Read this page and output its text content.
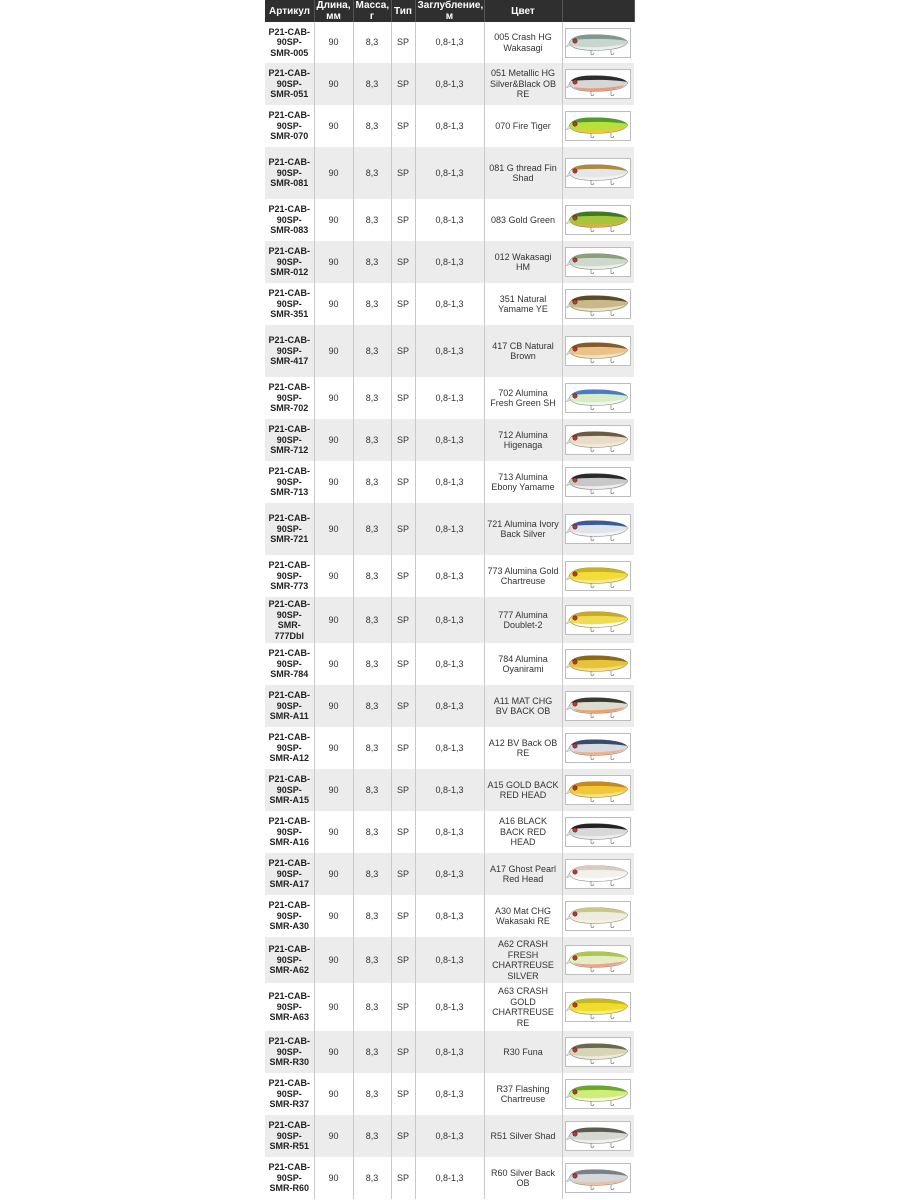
Артикул	Длина, мм	Масса, г	Тип	Заглубление, м	Цвет	
P21-CAB-90SP-SMR-005	90	8,3	SP	0,8-1,3	005 Crash HG Wakasagi	

P21-CAB-90SP-SMR-051	90	8,3	SP	0,8-1,3	051 Metallic HG Silver&Black OB RE	

P21-CAB-90SP-SMR-070	90	8,3	SP	0,8-1,3	070 Fire Tiger	

P21-CAB-90SP-SMR-081	90	8,3	SP	0,8-1,3	081 G thread Fin Shad	

P21-CAB-90SP-SMR-083	90	8,3	SP	0,8-1,3	083 Gold Green	

P21-CAB-90SP-SMR-012	90	8,3	SP	0,8-1,3	012 Wakasagi HM	

P21-CAB-90SP-SMR-351	90	8,3	SP	0,8-1,3	351 Natural Yamame YE	

P21-CAB-90SP-SMR-417	90	8,3	SP	0,8-1,3	417 CB Natural Brown	

P21-CAB-90SP-SMR-702	90	8,3	SP	0,8-1,3	702 Alumina Fresh Green SH	

P21-CAB-90SP-SMR-712	90	8,3	SP	0,8-1,3	712 Alumina Higenaga	

P21-CAB-90SP-SMR-713	90	8,3	SP	0,8-1,3	713 Alumina Ebony Yamame	

P21-CAB-90SP-SMR-721	90	8,3	SP	0,8-1,3	721 Alumina Ivory Back Silver	

P21-CAB-90SP-SMR-773	90	8,3	SP	0,8-1,3	773 Alumina Gold Chartreuse	

P21-CAB-90SP-SMR-777Dbl	90	8,3	SP	0,8-1,3	777 Alumina Doublet-2	

P21-CAB-90SP-SMR-784	90	8,3	SP	0,8-1,3	784 Alumina Oyanirami	

P21-CAB-90SP-SMR-A11	90	8,3	SP	0,8-1,3	A11 MAT CHG BV BACK OB	

P21-CAB-90SP-SMR-A12	90	8,3	SP	0,8-1,3	A12 BV Back OB RE	

P21-CAB-90SP-SMR-A15	90	8,3	SP	0,8-1,3	A15 GOLD BACK RED HEAD	

P21-CAB-90SP-SMR-A16	90	8,3	SP	0,8-1,3	A16 BLACK BACK RED HEAD	

P21-CAB-90SP-SMR-A17	90	8,3	SP	0,8-1,3	A17 Ghost Pearl Red Head	

P21-CAB-90SP-SMR-A30	90	8,3	SP	0,8-1,3	A30 Mat CHG Wakasaki RE	

P21-CAB-90SP-SMR-A62	90	8,3	SP	0,8-1,3	A62 CRASH FRESH CHARTREUSE SILVER	

P21-CAB-90SP-SMR-A63	90	8,3	SP	0,8-1,3	A63 CRASH GOLD CHARTREUSE RE	

P21-CAB-90SP-SMR-R30	90	8,3	SP	0,8-1,3	R30 Funa	

P21-CAB-90SP-SMR-R37	90	8,3	SP	0,8-1,3	R37 Flashing Chartreuse	

P21-CAB-90SP-SMR-R51	90	8,3	SP	0,8-1,3	R51 Silver Shad	

P21-CAB-90SP-SMR-R60	90	8,3	SP	0,8-1,3	R60 Silver Back OB	
